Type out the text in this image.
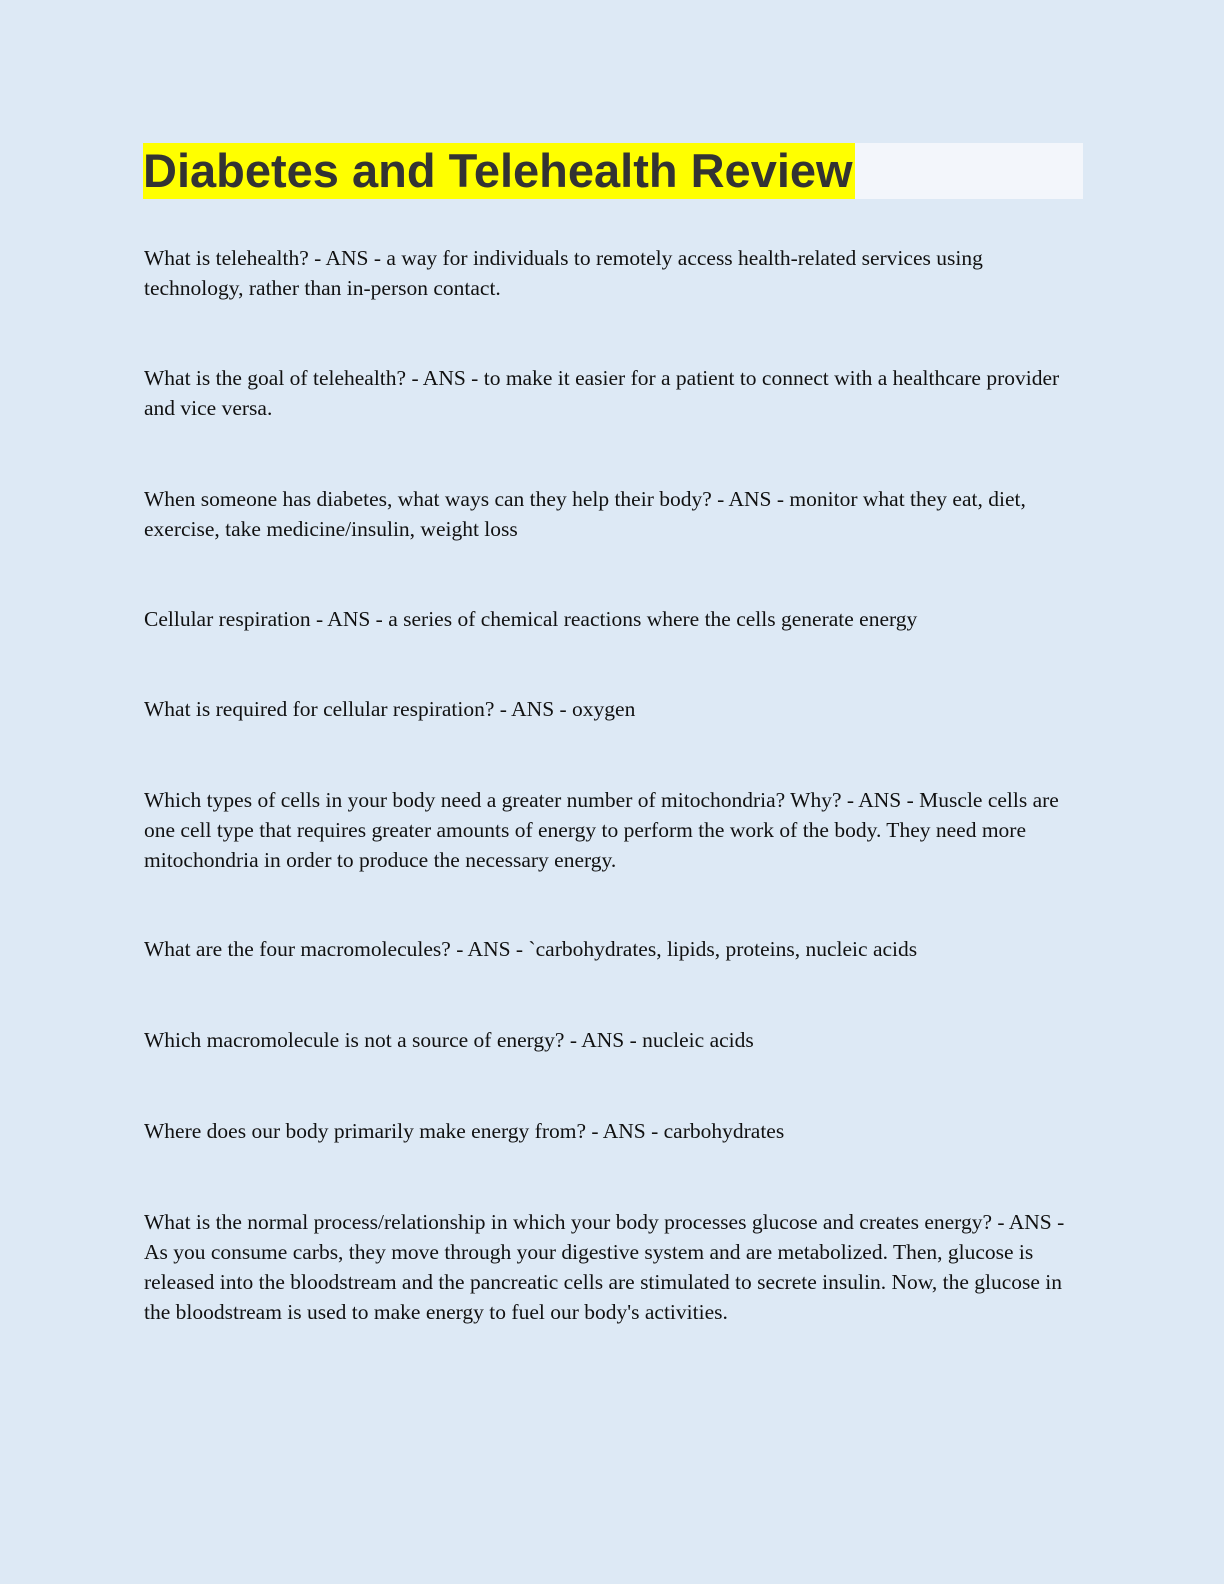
Diabetes and Telehealth Review

What is telehealth? - ANS - a way for individuals to remotely access health-related services using technology, rather than in-person contact.

What is the goal of telehealth? - ANS - to make it easier for a patient to connect with a healthcare provider and vice versa.

When someone has diabetes, what ways can they help their body? - ANS - monitor what they eat, diet, exercise, take medicine/insulin, weight loss

Cellular respiration - ANS - a series of chemical reactions where the cells generate energy

What is required for cellular respiration? - ANS - oxygen

Which types of cells in your body need a greater number of mitochondria? Why? - ANS - Muscle cells are one cell type that requires greater amounts of energy to perform the work of the body. They need more mitochondria in order to produce the necessary energy.

What are the four macromolecules? - ANS - `carbohydrates, lipids, proteins, nucleic acids

Which macromolecule is not a source of energy? - ANS - nucleic acids

Where does our body primarily make energy from? - ANS - carbohydrates

What is the normal process/relationship in which your body processes glucose and creates energy? - ANS - As you consume carbs, they move through your digestive system and are metabolized. Then, glucose is released into the bloodstream and the pancreatic cells are stimulated to secrete insulin. Now, the glucose in the bloodstream is used to make energy to fuel our body's activities.
